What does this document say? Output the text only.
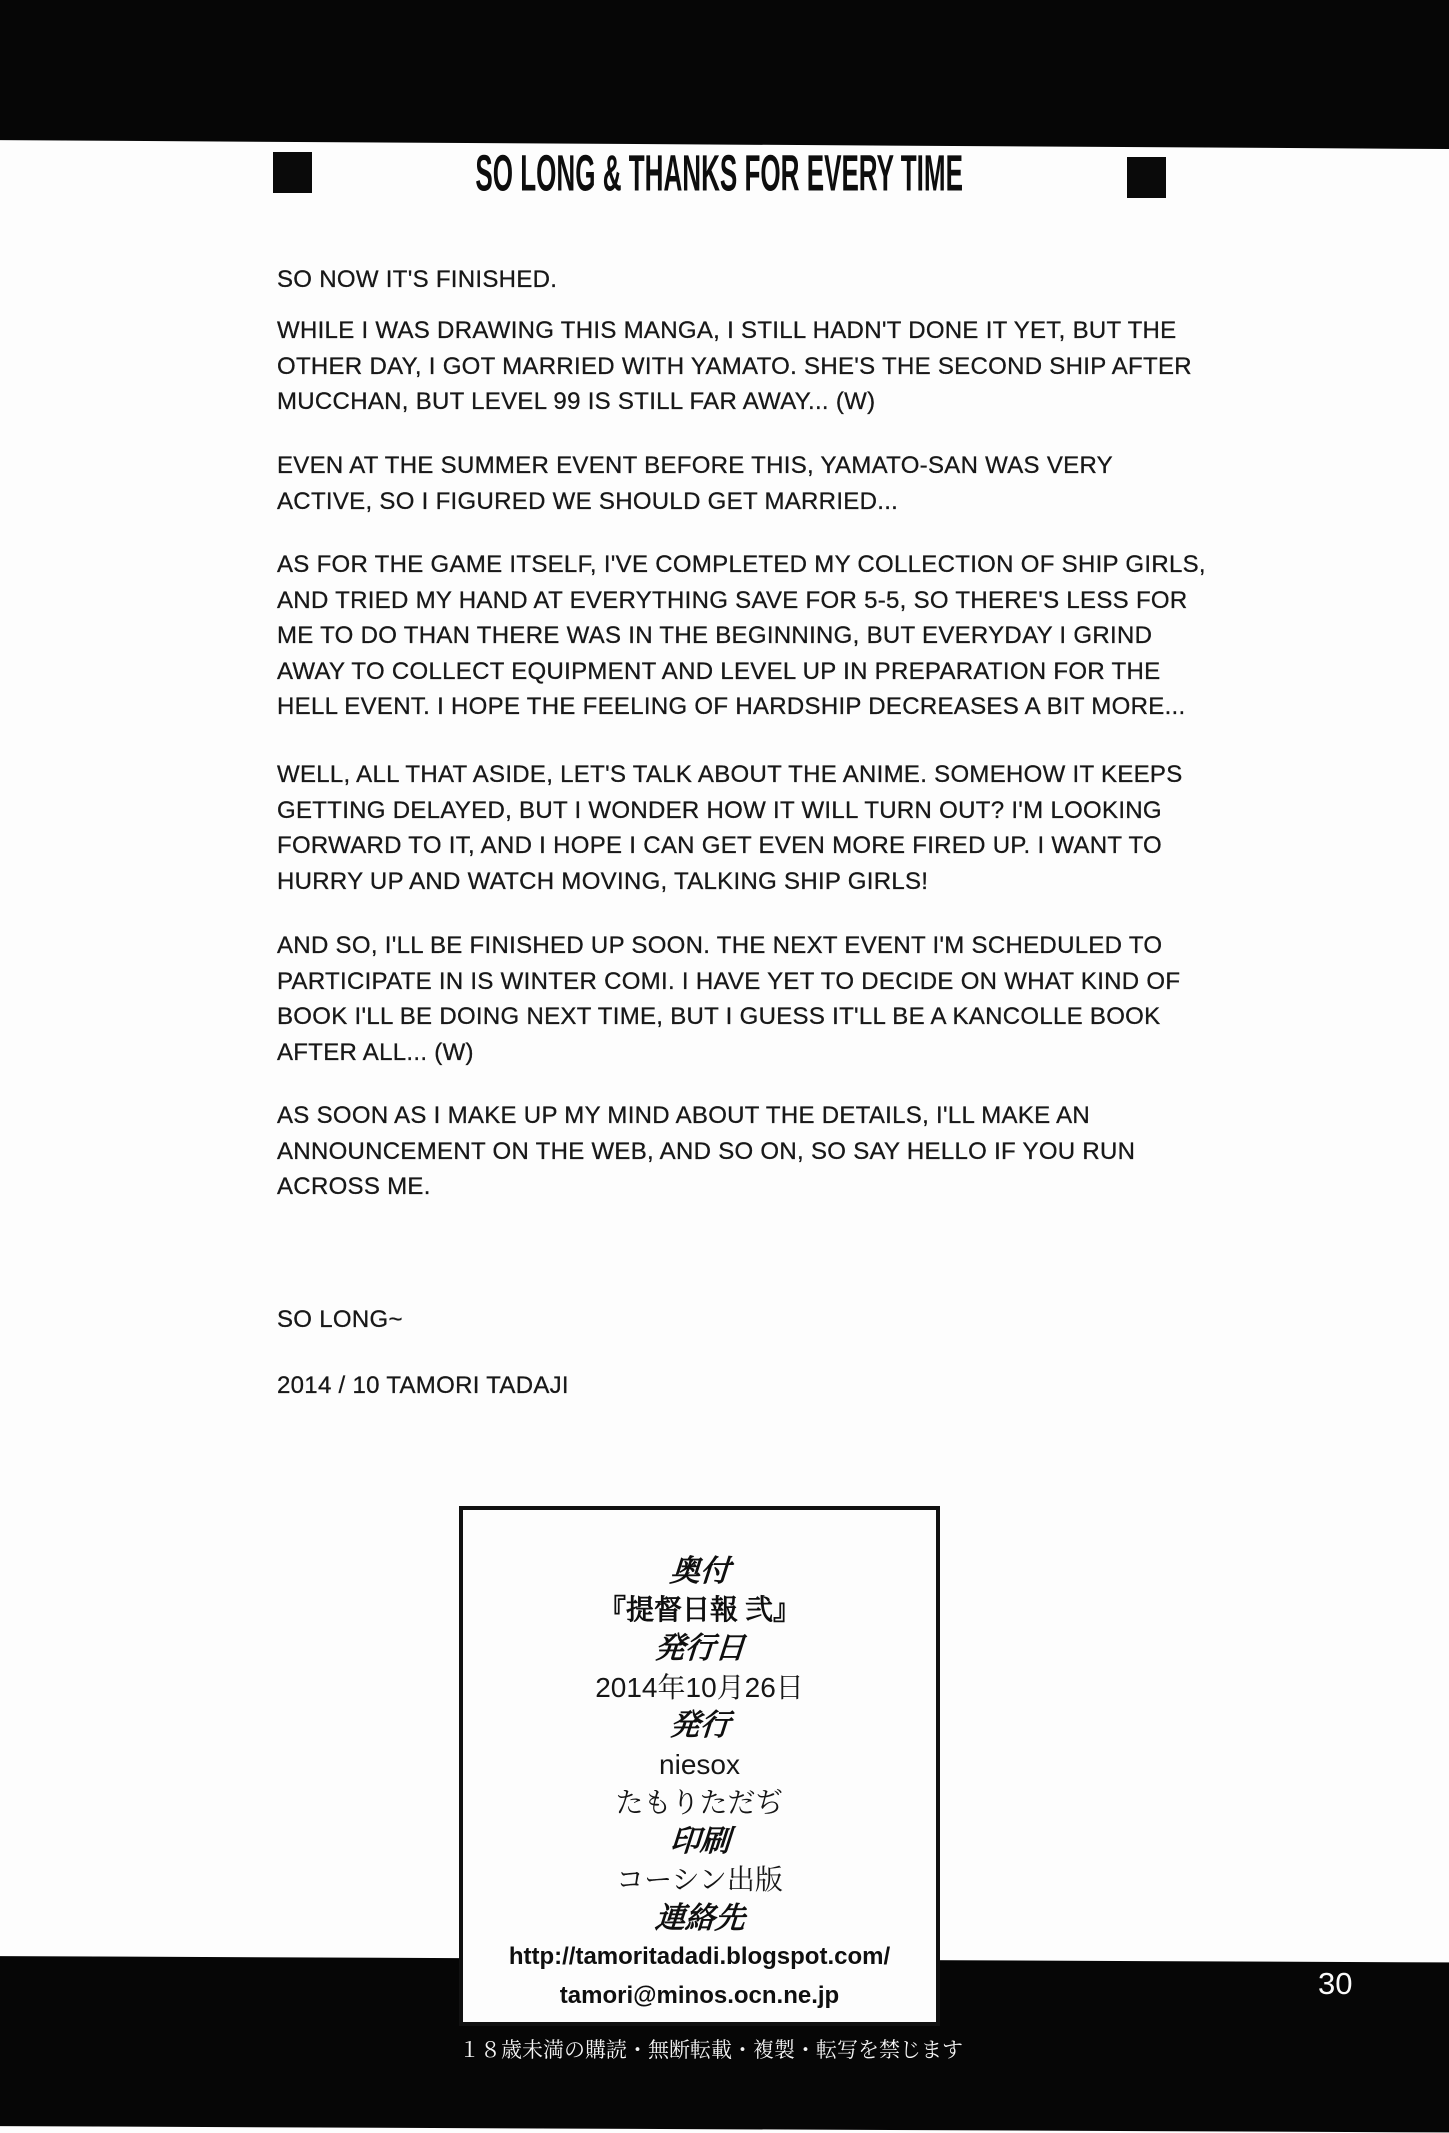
SO LONG & THANKS FOR EVERY TIME
SO NOW IT'S FINISHED.
WHILE I WAS DRAWING THIS MANGA, I STILL HADN'T DONE IT YET, BUT THE
OTHER DAY, I GOT MARRIED WITH YAMATO. SHE'S THE SECOND SHIP AFTER
MUCCHAN, BUT LEVEL 99 IS STILL FAR AWAY... (W)
EVEN AT THE SUMMER EVENT BEFORE THIS, YAMATO-SAN WAS VERY
ACTIVE, SO I FIGURED WE SHOULD GET MARRIED...
AS FOR THE GAME ITSELF, I'VE COMPLETED MY COLLECTION OF SHIP GIRLS,
AND TRIED MY HAND AT EVERYTHING SAVE FOR 5-5, SO THERE'S LESS FOR
ME TO DO THAN THERE WAS IN THE BEGINNING, BUT EVERYDAY I GRIND
AWAY TO COLLECT EQUIPMENT AND LEVEL UP IN PREPARATION FOR THE
HELL EVENT. I HOPE THE FEELING OF HARDSHIP DECREASES A BIT MORE...
WELL, ALL THAT ASIDE, LET'S TALK ABOUT THE ANIME. SOMEHOW IT KEEPS
GETTING DELAYED, BUT I WONDER HOW IT WILL TURN OUT? I'M LOOKING
FORWARD TO IT, AND I HOPE I CAN GET EVEN MORE FIRED UP. I WANT TO
HURRY UP AND WATCH MOVING, TALKING SHIP GIRLS!
AND SO, I'LL BE FINISHED UP SOON. THE NEXT EVENT I'M SCHEDULED TO
PARTICIPATE IN IS WINTER COMI. I HAVE YET TO DECIDE ON WHAT KIND OF
BOOK I'LL BE DOING NEXT TIME, BUT I GUESS IT'LL BE A KANCOLLE BOOK
AFTER ALL... (W)
AS SOON AS I MAKE UP MY MIND ABOUT THE DETAILS, I'LL MAKE AN
ANNOUNCEMENT ON THE WEB, AND SO ON, SO SAY HELLO IF YOU RUN
ACROSS ME.
SO LONG~
2014 / 10 TAMORI TADAJI
奥付
『提督日報 弐』
発行日
2014年10月26日
発行
niesox
たもりただぢ
印刷
コーシン出版
連絡先
http://tamoritadadi.blogspot.com/
tamori@minos.ocn.ne.jp
１８歳未満の購読・無断転載・複製・転写を禁じます
30
